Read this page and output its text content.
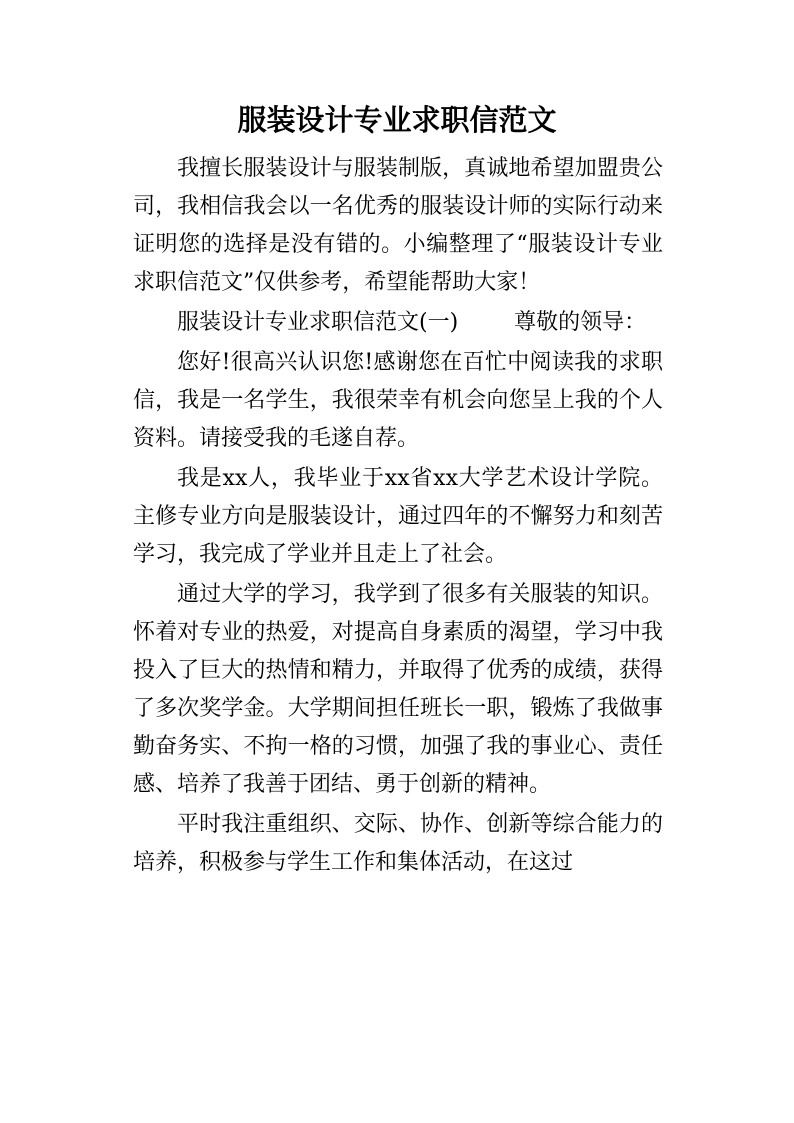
服装设计专业求职信范文

我擅长服装设计与服装制版，真诚地希望加盟贵公司，我相信我会以一名优秀的服装设计师的实际行动来证明您的选择是没有错的。小编整理了“服装设计专业求职信范文”仅供参考，希望能帮助大家！

服装设计专业求职信范文(一)	尊敬的领导：

您好!很高兴认识您!感谢您在百忙中阅读我的求职信，我是一名学生，我很荣幸有机会向您呈上我的个人资料。请接受我的毛遂自荐。

我是xx人，我毕业于xx省xx大学艺术设计学院。主修专业方向是服装设计，通过四年的不懈努力和刻苦学习，我完成了学业并且走上了社会。

通过大学的学习，我学到了很多有关服装的知识。怀着对专业的热爱，对提高自身素质的渴望，学习中我投入了巨大的热情和精力，并取得了优秀的成绩，获得了多次奖学金。大学期间担任班长一职，锻炼了我做事勤奋务实、不拘一格的习惯，加强了我的事业心、责任感、培养了我善于团结、勇于创新的精神。

平时我注重组织、交际、协作、创新等综合能力的培养，积极参与学生工作和集体活动，在这过
